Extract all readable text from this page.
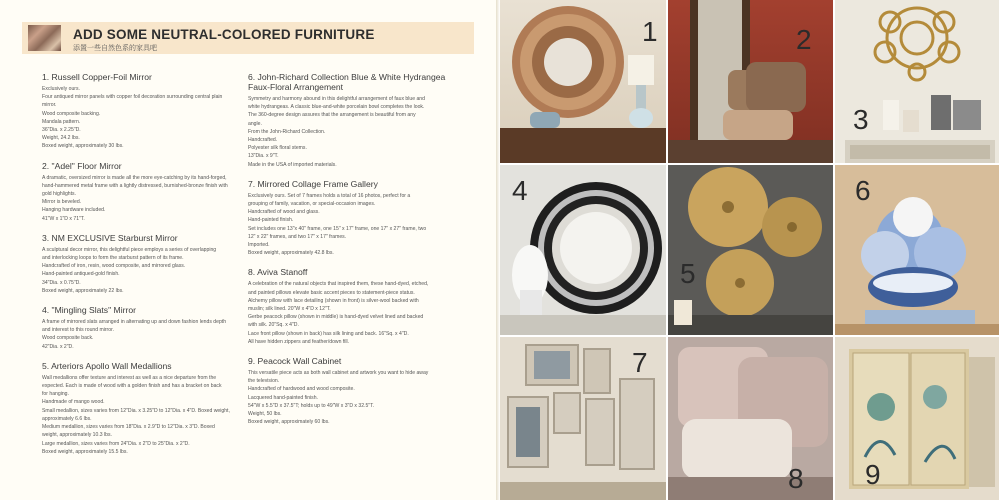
ADD SOME NEUTRAL-COLORED FURNITURE
添置一些自然色系的家具吧
1. Russell Copper-Foil Mirror
Exclusively ours.
Four antiqued mirror panels with copper foil decoration surrounding central plain
mirror.
Wood composite backing.
Mandala pattern.
36"Dia. x 2.25"D.
Weight, 24.2 lbs.
Boxed weight, approximately 30 lbs.
2. "Adel" Floor Mirror
A dramatic, oversized mirror is made all the more eye-catching by its hand-forged,
hand-hammered metal frame with a lightly distressed, burnished-bronze finish with
gold highlights.
Mirror is beveled.
Hanging hardware included.
41"W x 1"D x 71"T.
3. NM EXCLUSIVE Starburst Mirror
A sculptural decor mirror, this delightful piece employs a series of overlapping
and interlocking loops to form the starburst pattern of its frame.
Handcrafted of iron, resin, wood composite, and mirrored glass.
Hand-painted antiqued-gold finish.
34"Dia. x 0.75"D.
Boxed weight, approximately 22 lbs.
4. "Mingling Slats" Mirror
A frame of mirrored slats arranged in alternating up and down fashion lends depth
and interest to this round mirror.
Wood composite back.
42"Dia. x 2"D.
5. Arteriors Apollo Wall Medallions
Wall medallions offer texture and interest as well as a nice departure from the
expected. Each is made of wood with a golden finish and has a bracket on back
for hanging.
Handmade of mango wood.
Small medallion, sizes varies from 12"Dia. x 3.25"D to 12"Dia. x 4"D. Boxed weight,
approximately 6.6 lbs.
Medium medallion, sizes varies from 18"Dia. x 2.9"D to 12"Dia. x 3"D. Boxed
weight, approximately 10.3 lbs.
Large medallion, sizes varies from 24"Dia. x 2"D to 25"Dia. x 2"D.
Boxed weight, approximately 15.5 lbs.
6. John-Richard Collection Blue & White Hydrangea Faux-Floral Arrangement
Symmetry and harmony abound in this delightful arrangement of faux blue and
white hydrangeas. A classic blue-and-white porcelain bowl completes the look.
The 360-degree design assures that the arrangement is beautiful from any
angle.
From the John-Richard Collection.
Handcrafted.
Polyester silk floral stems.
13"Dia. x 9"T.
Made in the USA of imported materials.
7. Mirrored Collage Frame Gallery
Exclusively ours. Set of 7 frames holds a total of 16 photos, perfect for a
grouping of family, vacation, or special-occasion images.
Handcrafted of wood and glass.
Hand-painted finish.
Set includes one 13"x 40" frame, one 15" x 17" frame, one 17" x 27" frame, two
12" x 22" frames, and two 17" x 17" frames.
Imported.
Boxed weight, approximately 42.8 lbs.
8. Aviva Stanoff
A celebration of the natural objects that inspired them, these hand-dyed, etched,
and painted pillows elevate basic accent pieces to statement-piece status.
Alchemy pillow with lace detailing (shown in front) is silver-wool backed with
muslin; silk lined. 20"W x 4"D x 12"T.
Gerbe peacock pillow (shown in middle) is hand-dyed velvet lined and backed
with silk. 20"Sq. x 4"D.
Lace front pillow (shown in back) has silk lining and back. 16"Sq. x 4"D.
All have hidden zippers and feather/down fill.
9. Peacock Wall Cabinet
This versatile piece acts as both wall cabinet and artwork you want to hide away
the television.
Handcrafted of hardwood and wood composite.
Lacquered hand-painted finish.
54"W x 5.5"D x 37.5"T; holds up to 49"W x 3"D x 32.5"T.
Weight, 50 lbs.
Boxed weight, approximately 60 lbs.
1	2
3
4
5
6
7
8 9
